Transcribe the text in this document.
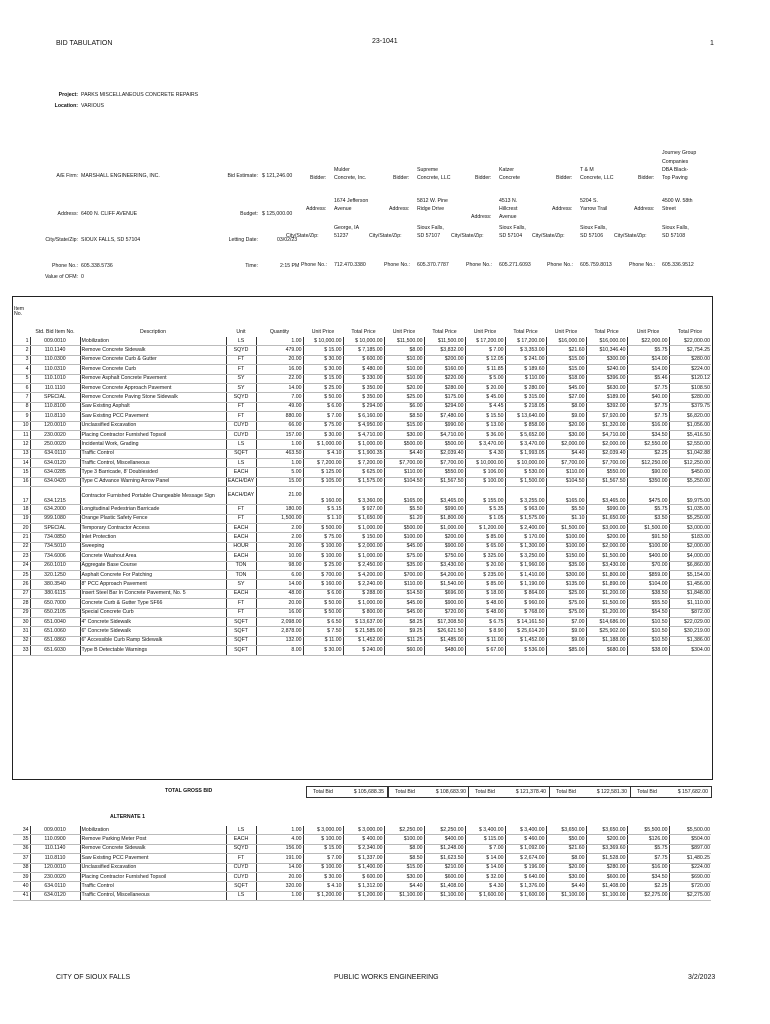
BID TABULATION	23-1041	1
Project: PARKS MISCELLANEOUS CONCRETE REPAIRS
Location: VARIOUS
A/E Firm: MARSHALL ENGINEERING, INC.
Address: 6400 N. CLIFF AVENUE
City/State/Zip: SIOUX FALLS, SD 57104
Phone No.: 605.338.5736
Value of OFM: 0
Bid Estimate: $ 121,246.00
Budget: $ 125,000.00
Letting Date:	03/02/23
Time:	2:15 PM
Mulder
Concrete, Inc.
Bidder:
1674 Jefferson
Avenue
Address:
George, IA
51237
City/State/Zip:
Phone No.: 712.470.3380
Supreme
Concrete, LLC
Bidder:
5812 W. Pine
Ridge Drive
Address:
Sioux Falls,
SD 57107
City/State/Zip:
Phone No.: 605.370.7787
Katzer
Concrete
Bidder:
4513 N.
Hillcrest
Avenue
Address:
Sioux Falls,
SD 57104
City/State/Zip:
Phone No.: 605.271.6093
T & M
Concrete, LLC
Bidder:
5204 S.
Yarrow Trail
Address:
Sioux Falls,
SD 57106
City/State/Zip:
Phone No.: 605.759.8013
Journey Group
Companies
DBA Black-
Top Paving
Bidder:
4500 W. 58th
Street
Address:
Sioux Falls,
SD 57108
City/State/Zip:
Phone No.: 605.336.9512
Item No.	Std. Bid Item No.	Description	Unit	Quantity	Unit Price	Total Price	Unit Price	Total Price	Unit Price	Total Price	Unit Price	Total Price	Unit Price	Total Price
1	009.0010	Mobilization	LS	1.00	$ 10,000.00	$ 10,000.00	$11,500.00	$11,500.00	$ 17,200.00	$ 17,200.00	$16,000.00	$16,000.00	$22,000.00	$22,000.00
2	110.1140	Remove Concrete Sidewalk	SQYD	479.00	$ 15.00	$ 7,185.00	$8.00	$3,832.00	$ 7.00	$ 3,353.00	$21.60	$10,346.40	$5.75	$2,754.25
3	110.0300	Remove Concrete Curb & Gutter	FT	20.00	$ 30.00	$ 600.00	$10.00	$200.00	$ 12.05	$ 241.00	$15.00	$300.00	$14.00	$280.00
4	110.0310	Remove Concrete Curb	FT	16.00	$ 30.00	$ 480.00	$10.00	$160.00	$ 11.85	$ 189.60	$15.00	$240.00	$14.00	$224.00
5	110.1010	Remove Asphalt Concrete Pavement	SY	22.00	$ 15.00	$ 330.00	$10.00	$220.00	$ 5.00	$ 110.00	$18.00	$396.00	$5.46	$120.12
6	110.1110	Remove Concrete Approach Pavement	SY	14.00	$ 25.00	$ 350.00	$20.00	$280.00	$ 20.00	$ 280.00	$45.00	$630.00	$7.75	$108.50
7	SPECIAL	Remove Concrete Paving Stone Sidewalk	SQYD	7.00	$ 50.00	$ 350.00	$25.00	$175.00	$ 45.00	$ 315.00	$27.00	$189.00	$40.00	$280.00
8	110.8100	Saw Existing Asphalt	FT	49.00	$ 6.00	$ 294.00	$6.00	$294.00	$ 4.45	$ 218.05	$8.00	$392.00	$7.75	$379.75
9	110.8110	Saw Existing PCC Pavement	FT	880.00	$ 7.00	$ 6,160.00	$8.50	$7,480.00	$ 15.50	$ 13,640.00	$9.00	$7,920.00	$7.75	$6,820.00
10	120.0010	Unclassified Excavation	CUYD	66.00	$ 75.00	$ 4,950.00	$15.00	$990.00	$ 13.00	$ 858.00	$20.00	$1,320.00	$16.00	$1,056.00
11	230.0020	Placing Contractor Furnished Topsoil	CUYD	157.00	$ 30.00	$ 4,710.00	$30.00	$4,710.00	$ 36.00	$ 5,652.00	$30.00	$4,710.00	$34.50	$5,416.50
12	250.0020	Incidental Work, Grading	LS	1.00	$ 1,000.00	$ 1,000.00	$500.00	$500.00	$ 3,470.00	$ 3,470.00	$2,000.00	$2,000.00	$2,550.00	$2,550.00
13	634.0110	Traffic Control	SQFT	463.50	$ 4.10	$ 1,900.35	$4.40	$2,039.40	$ 4.30	$ 1,993.05	$4.40	$2,039.40	$2.25	$1,042.88
14	634.0120	Traffic Control, Miscellaneous	LS	1.00	$ 7,200.00	$ 7,200.00	$7,700.00	$7,700.00	$ 10,000.00	$ 10,000.00	$7,700.00	$7,700.00	$12,250.00	$12,250.00
15	634.0285	Type 3 Barricade, 8' Doublesided	EACH	5.00	$ 125.00	$ 625.00	$110.00	$550.00	$ 106.00	$ 530.00	$110.00	$550.00	$90.00	$450.00
16	634.0420	Type C Advance Warning Arrow Panel	EACH/DAY	15.00	$ 105.00	$ 1,575.00	$104.50	$1,567.50	$ 100.00	$ 1,500.00	$104.50	$1,567.50	$350.00	$5,250.00
17	634.1215	Contractor Furnished Portable Changeable Message Sign	EACH/DAY	21.00	$ 160.00	$ 3,360.00	$165.00	$3,465.00	$ 155.00	$ 3,255.00	$165.00	$3,465.00	$475.00	$9,975.00
18	634.2000	Longitudinal Pedestrian Barricade	FT	180.00	$ 5.15	$ 927.00	$5.50	$990.00	$ 5.35	$ 963.00	$5.50	$990.00	$5.75	$1,035.00
19	999.1080	Orange Plastic Safety Fence	FT	1,500.00	$ 1.10	$ 1,650.00	$1.20	$1,800.00	$ 1.05	$ 1,575.00	$1.10	$1,650.00	$3.50	$5,250.00
20	SPECIAL	Temporary Contractor Access	EACH	2.00	$ 500.00	$ 1,000.00	$500.00	$1,000.00	$ 1,200.00	$ 2,400.00	$1,500.00	$3,000.00	$1,500.00	$3,000.00
21	734.0850	Inlet Protection	EACH	2.00	$ 75.00	$ 150.00	$100.00	$200.00	$ 85.00	$ 170.00	$100.00	$200.00	$91.50	$183.00
22	734.5010	Sweeping	HOUR	20.00	$ 100.00	$ 2,000.00	$45.00	$900.00	$ 65.00	$ 1,300.00	$100.00	$2,000.00	$100.00	$2,000.00
23	734.6006	Concrete Washout Area	EACH	10.00	$ 100.00	$ 1,000.00	$75.00	$750.00	$ 325.00	$ 3,250.00	$150.00	$1,500.00	$400.00	$4,000.00
24	260.1010	Aggregate Base Course	TON	98.00	$ 25.00	$ 2,450.00	$35.00	$3,430.00	$ 20.00	$ 1,960.00	$35.00	$3,430.00	$70.00	$6,860.00
25	320.1250	Asphalt Concrete For Patching	TON	6.00	$ 700.00	$ 4,200.00	$700.00	$4,200.00	$ 235.00	$ 1,410.00	$300.00	$1,800.00	$859.00	$5,154.00
26	380.3540	8" PCC Approach Pavement	SY	14.00	$ 160.00	$ 2,240.00	$110.00	$1,540.00	$ 85.00	$ 1,190.00	$135.00	$1,890.00	$104.00	$1,456.00
27	380.6115	Insert Steel Bar In Concrete Pavement, No. 5	EACH	48.00	$ 6.00	$ 288.00	$14.50	$696.00	$ 18.00	$ 864.00	$25.00	$1,200.00	$38.50	$1,848.00
28	650.7000	Concrete Curb & Gutter Type SF66	FT	20.00	$ 50.00	$ 1,000.00	$45.00	$900.00	$ 48.00	$ 960.00	$75.00	$1,500.00	$55.50	$1,110.00
29	650.2105	Special Concrete Curb	FT	16.00	$ 50.00	$ 800.00	$45.00	$720.00	$ 48.00	$ 768.00	$75.00	$1,200.00	$54.50	$872.00
30	651.0040	4" Concrete Sidewalk	SQFT	2,098.00	$ 6.50	$ 13,637.00	$8.25	$17,308.50	$ 6.75	$ 14,161.50	$7.00	$14,686.00	$10.50	$22,029.00
31	651.0060	6" Concrete Sidewalk	SQFT	2,878.00	$ 7.50	$ 21,585.00	$9.25	$26,621.50	$ 8.90	$ 25,614.20	$9.00	$25,902.00	$10.50	$30,219.00
32	651.0860	6" Accessible Curb Ramp Sidewalk	SQFT	132.00	$ 11.00	$ 1,452.00	$11.25	$1,485.00	$ 11.00	$ 1,452.00	$9.00	$1,188.00	$10.50	$1,386.00
33	651.6030	Type B Detectable Warnings	SQFT	8.00	$ 30.00	$ 240.00	$60.00	$480.00	$ 67.00	$ 536.00	$85.00	$680.00	$38.00	$304.00
TOTAL GROSS BID	Total Bid	$ 105,688.35	Total Bid	$ 108,683.90	Total Bid	$ 121,378.40	Total Bid	$ 122,581.30	Total Bid	$ 157,682.00
ALTERNATE 1
34	009.0010	Mobilization	LS	1.00	$ 3,000.00	$ 3,000.00	$2,250.00	$2,250.00	$ 3,400.00	$ 3,400.00	$3,650.00	$3,650.00	$5,500.00	$5,500.00
35	110.0900	Remove Parking Meter Post	EACH	4.00	$ 100.00	$ 400.00	$100.00	$400.00	$ 115.00	$ 460.00	$50.00	$200.00	$126.00	$504.00
36	110.1140	Remove Concrete Sidewalk	SQYD	156.00	$ 15.00	$ 2,340.00	$8.00	$1,248.00	$ 7.00	$ 1,092.00	$21.60	$3,369.60	$5.75	$897.00
37	110.8110	Saw Existing PCC Pavement	FT	191.00	$ 7.00	$ 1,337.00	$8.50	$1,623.50	$ 14.00	$ 2,674.00	$8.00	$1,528.00	$7.75	$1,480.25
38	120.0010	Unclassified Excavation	CUYD	14.00	$ 100.00	$ 1,400.00	$15.00	$210.00	$ 14.00	$ 196.00	$20.00	$280.00	$16.00	$224.00
39	230.0020	Placing Contractor Furnished Topsoil	CUYD	20.00	$ 30.00	$ 600.00	$30.00	$600.00	$ 32.00	$ 640.00	$30.00	$600.00	$34.50	$690.00
40	634.0110	Traffic Control	SQFT	320.00	$ 4.10	$ 1,312.00	$4.40	$1,408.00	$ 4.30	$ 1,376.00	$4.40	$1,408.00	$2.25	$720.00
41	634.0120	Traffic Control, Miscellaneous	LS	1.00	$ 1,200.00	$ 1,200.00	$1,100.00	$1,100.00	$ 1,600.00	$ 1,600.00	$1,100.00	$1,100.00	$2,275.00	$2,275.00
CITY OF SIOUX FALLS	PUBLIC WORKS ENGINEERING	3/2/2023
